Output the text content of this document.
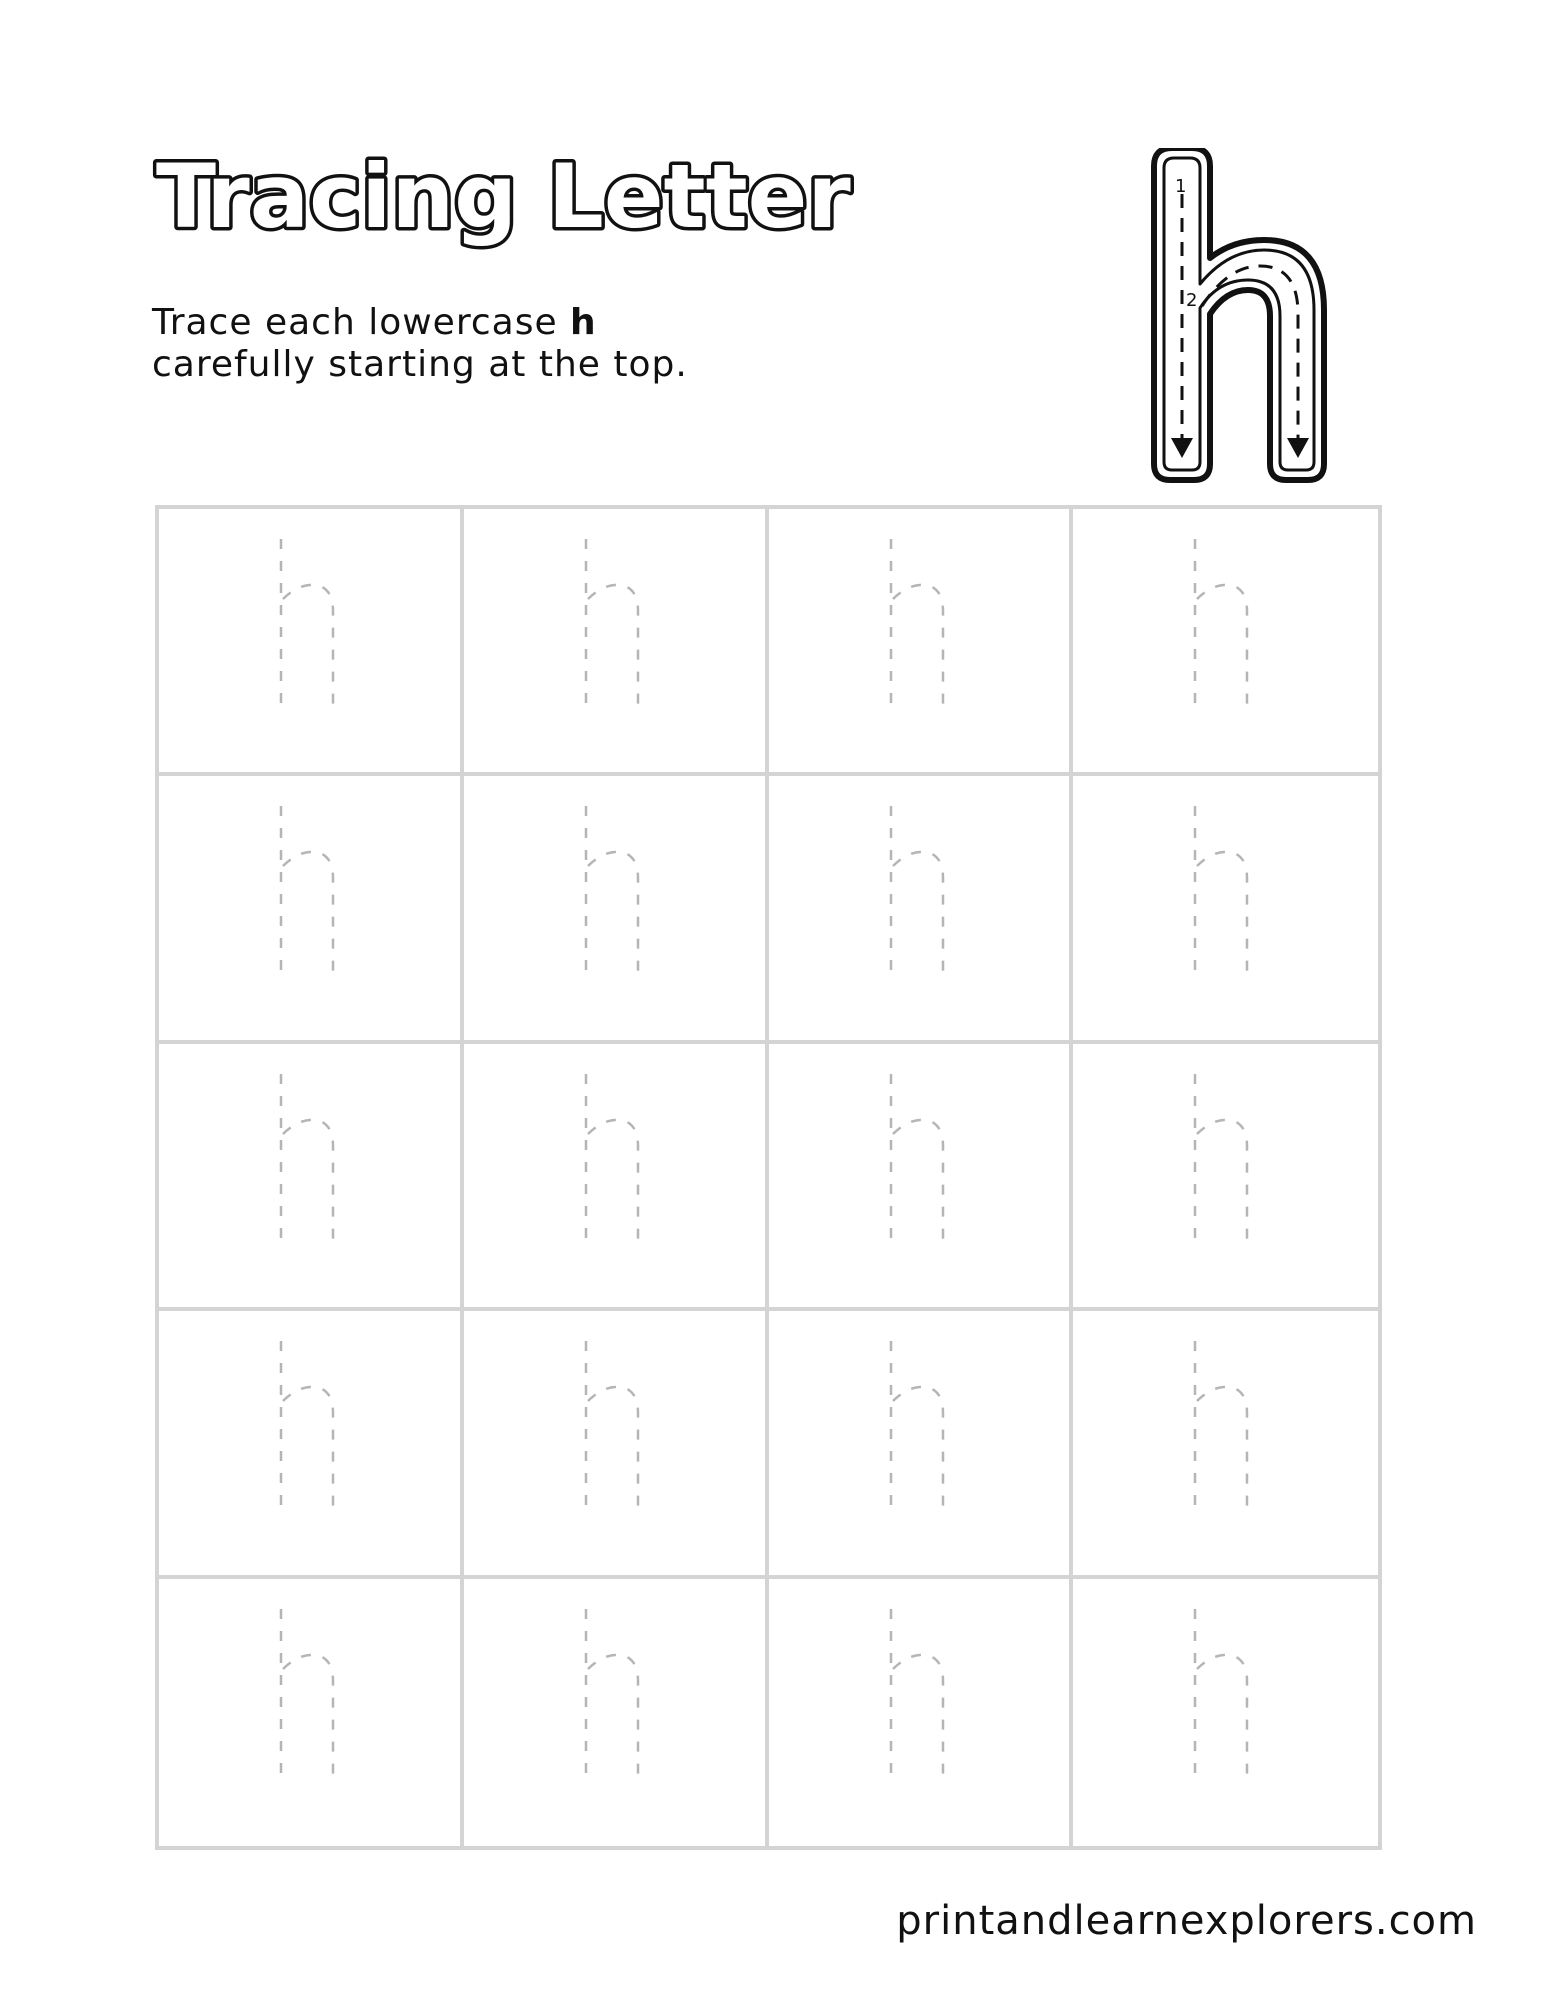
Tracing Letter
Trace each lowercase h
carefully starting at the top.
1
2
printandlearnexplorers.com
